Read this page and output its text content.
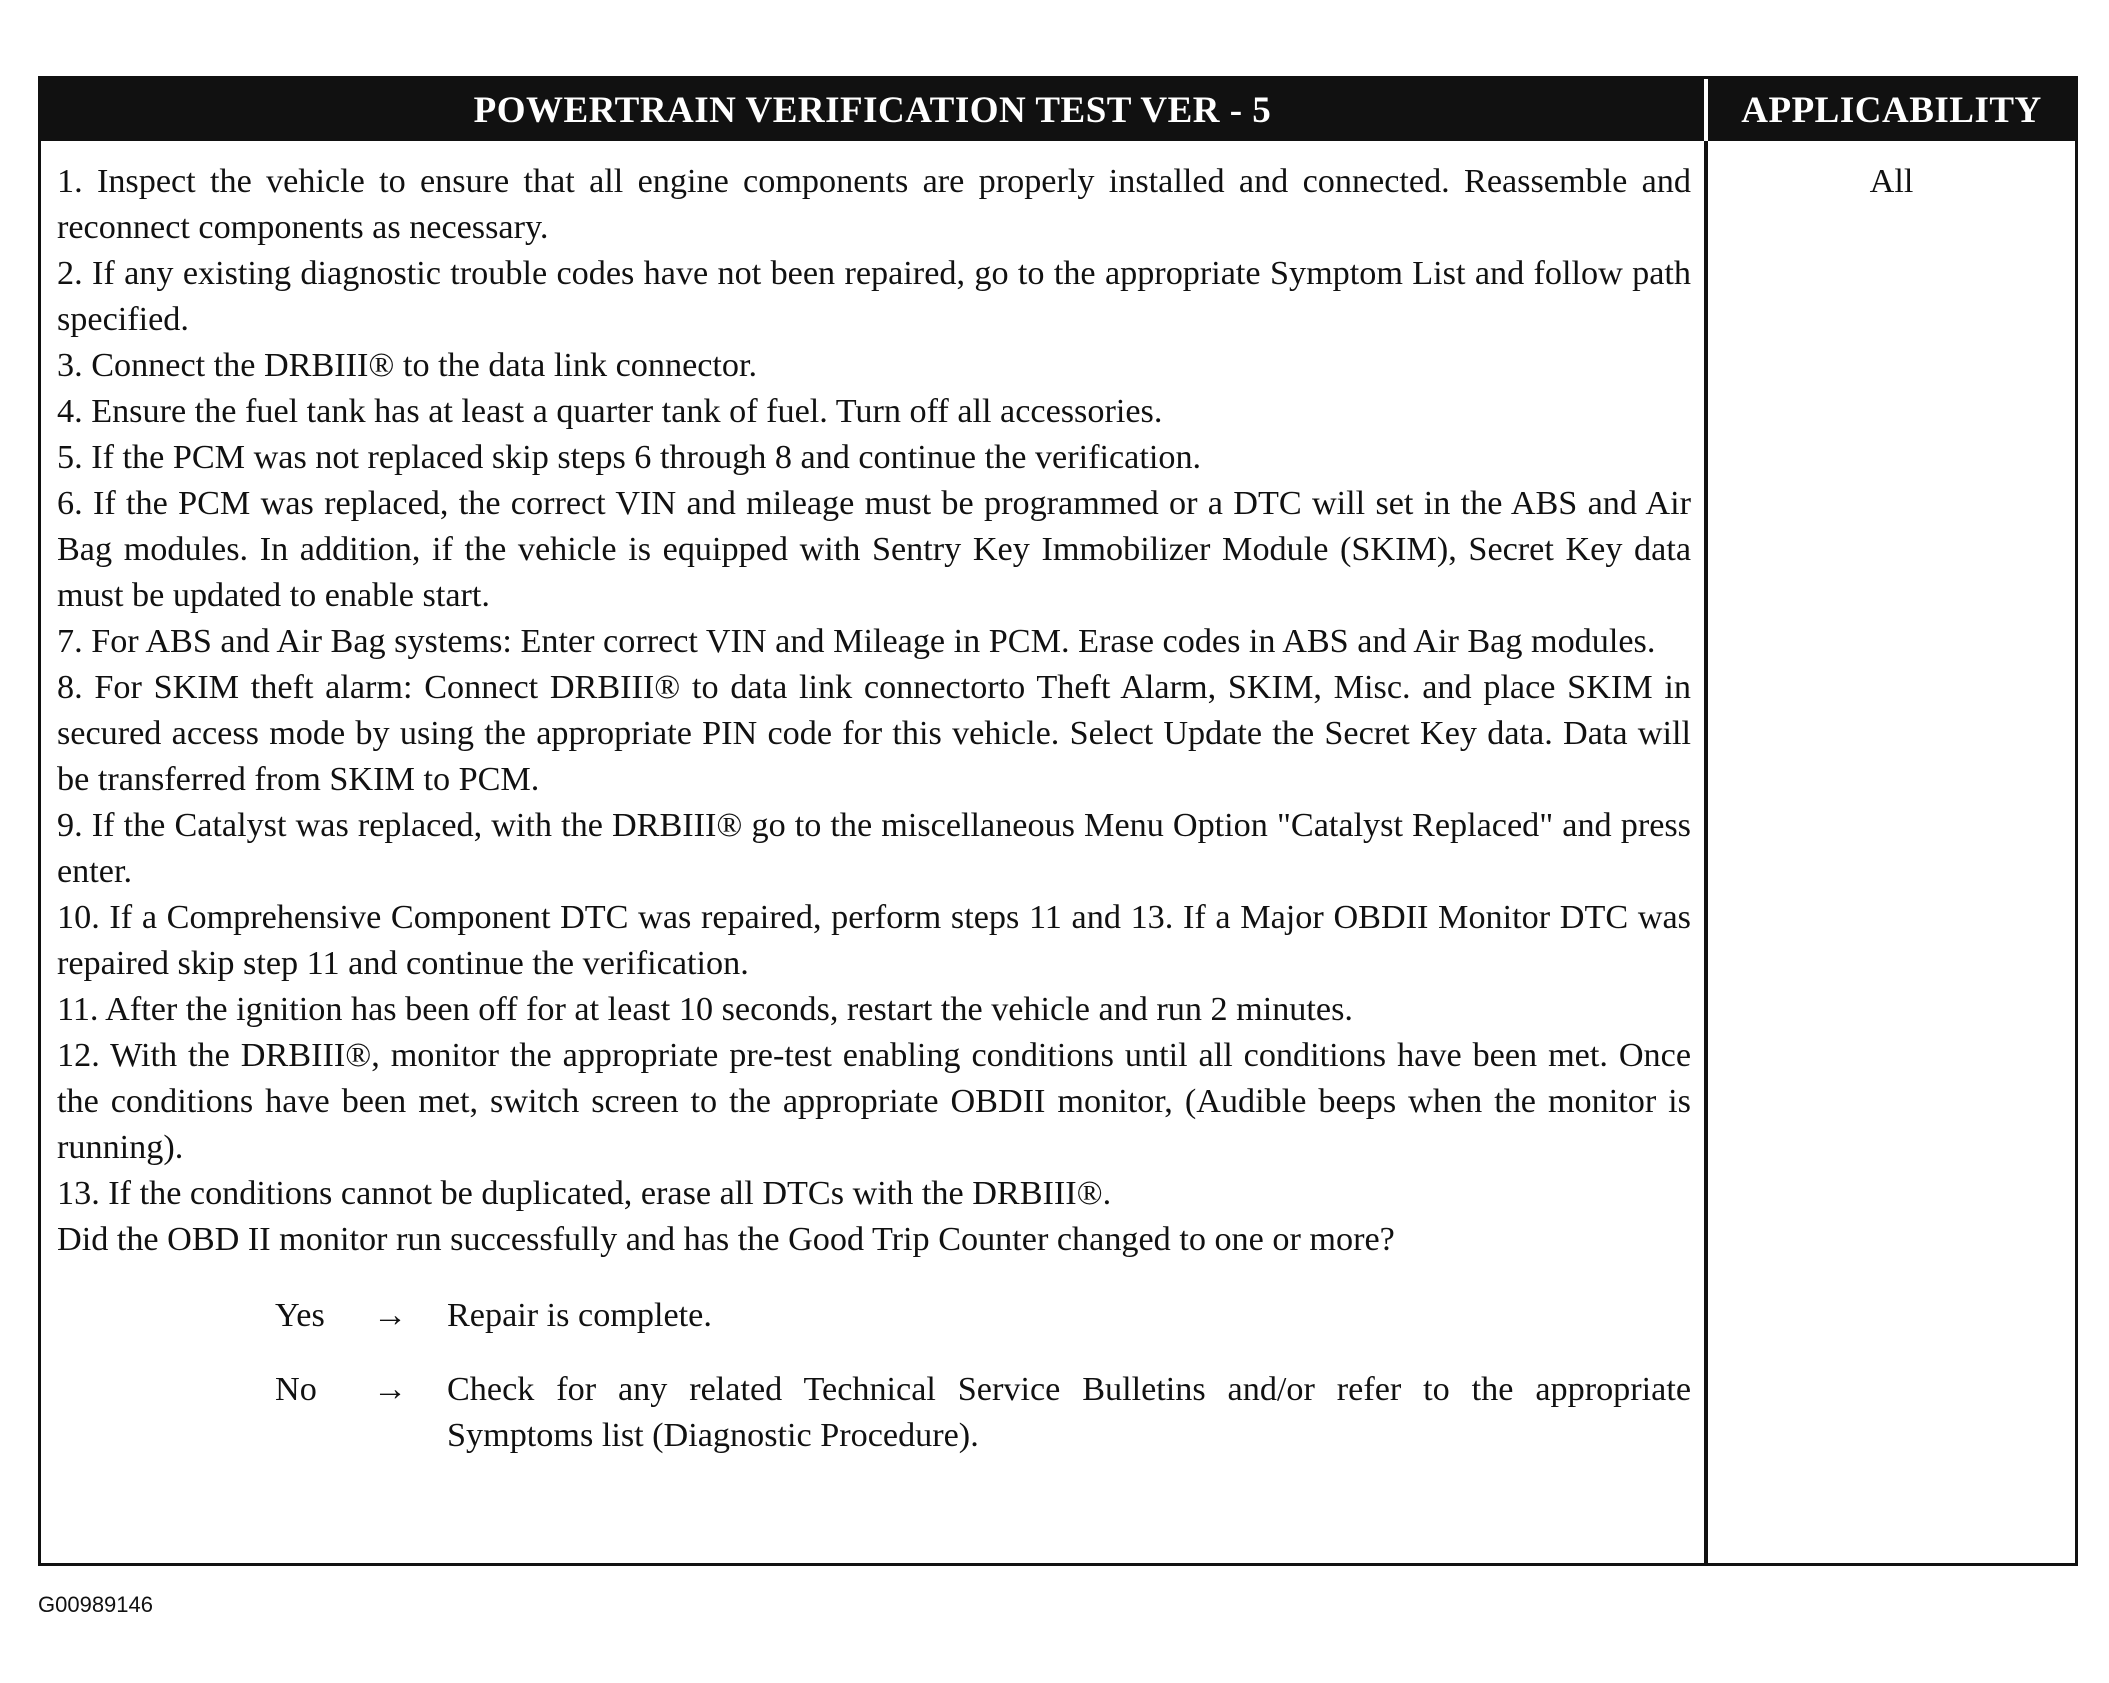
POWERTRAIN VERIFICATION TEST VER - 5	APPLICABILITY

1. Inspect the vehicle to ensure that all engine components are properly installed and connected. Reassemble and reconnect components as necessary.

2. If any existing diagnostic trouble codes have not been repaired, go to the appropriate Symptom List and follow path specified.

3. Connect the DRBIII® to the data link connector.

4. Ensure the fuel tank has at least a quarter tank of fuel. Turn off all accessories.

5. If the PCM was not replaced skip steps 6 through 8 and continue the verification.

6. If the PCM was replaced, the correct VIN and mileage must be programmed or a DTC will set in the ABS and Air Bag modules. In addition, if the vehicle is equipped with Sentry Key Immobilizer Module (SKIM), Secret Key data must be updated to enable start.

7. For ABS and Air Bag systems: Enter correct VIN and Mileage in PCM. Erase codes in ABS and Air Bag modules.

8. For SKIM theft alarm: Connect DRBIII® to data link connectorto Theft Alarm, SKIM, Misc. and place SKIM in secured access mode by using the appropriate PIN code for this vehicle. Select Update the Secret Key data. Data will be transferred from SKIM to PCM.

9. If the Catalyst was replaced, with the DRBIII® go to the miscellaneous Menu Option "Catalyst Replaced" and press enter.

10. If a Comprehensive Component DTC was repaired, perform steps 11 and 13. If a Major OBDII Monitor DTC was repaired skip step 11 and continue the verification.

11. After the ignition has been off for at least 10 seconds, restart the vehicle and run 2 minutes.

12. With the DRBIII®, monitor the appropriate pre-test enabling conditions until all conditions have been met. Once the conditions have been met, switch screen to the appropriate OBDII monitor, (Audible beeps when the monitor is running).

13. If the conditions cannot be duplicated, erase all DTCs with the DRBIII®.

Did the OBD II monitor run successfully and has the Good Trip Counter changed to one or more?

Yes	→	Repair is complete.
No	→	Check for any related Technical Service Bulletins and/or refer to the appropriate Symptoms list (Diagnostic Procedure).
All
G00989146
